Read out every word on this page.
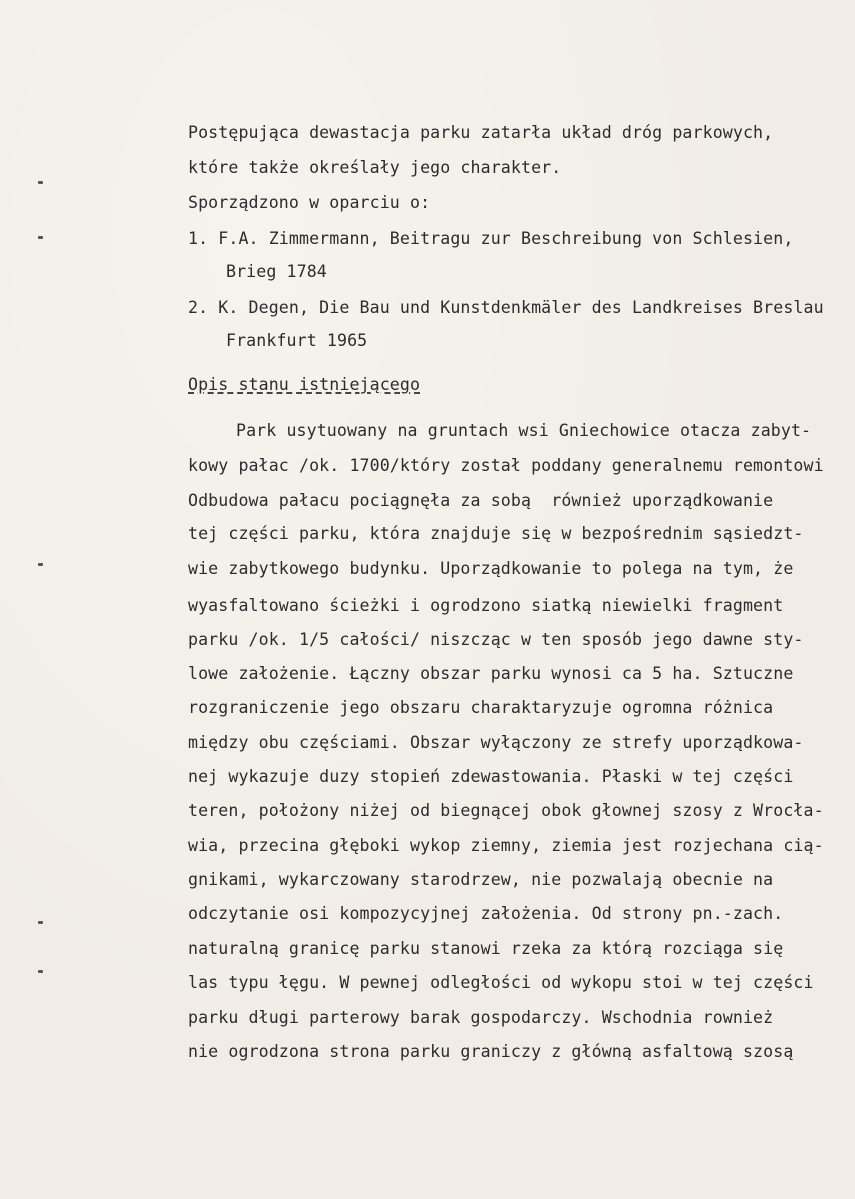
Postępująca dewastacja parku zatarła układ dróg parkowych,
które także określały jego charakter.
Sporządzono w oparciu o:
1. F.A. Zimmermann, Beitragu zur Beschreibung von Schlesien,
Brieg 1784
2. K. Degen, Die Bau und Kunstdenkmäler des Landkreises Breslau
Frankfurt 1965
Opis stanu istniejącego
Park usytuowany na gruntach wsi Gniechowice otacza zabyt-
kowy pałac /ok. 1700/który został poddany generalnemu remontowi
Odbudowa pałacu pociągnęła za sobą  również uporządkowanie
tej części parku, która znajduje się w bezpośrednim sąsiedzt-
wie zabytkowego budynku. Uporządkowanie to polega na tym, że
wyasfaltowano ścieżki i ogrodzono siatką niewielki fragment
parku /ok. 1/5 całości/ niszcząc w ten sposób jego dawne sty-
lowe założenie. Łączny obszar parku wynosi ca 5 ha. Sztuczne
rozgraniczenie jego obszaru charaktaryzuje ogromna różnica
między obu częściami. Obszar wyłączony ze strefy uporządkowa-
nej wykazuje duzy stopień zdewastowania. Płaski w tej części
teren, położony niżej od biegnącej obok głownej szosy z Wrocła-
wia, przecina głęboki wykop ziemny, ziemia jest rozjechana cią-
gnikami, wykarczowany starodrzew, nie pozwalają obecnie na
odczytanie osi kompozycyjnej założenia. Od strony pn.-zach.
naturalną granicę parku stanowi rzeka za którą rozciąga się
las typu łęgu. W pewnej odległości od wykopu stoi w tej części
parku długi parterowy barak gospodarczy. Wschodnia rownież
nie ogrodzona strona parku graniczy z główną asfaltową szosą
